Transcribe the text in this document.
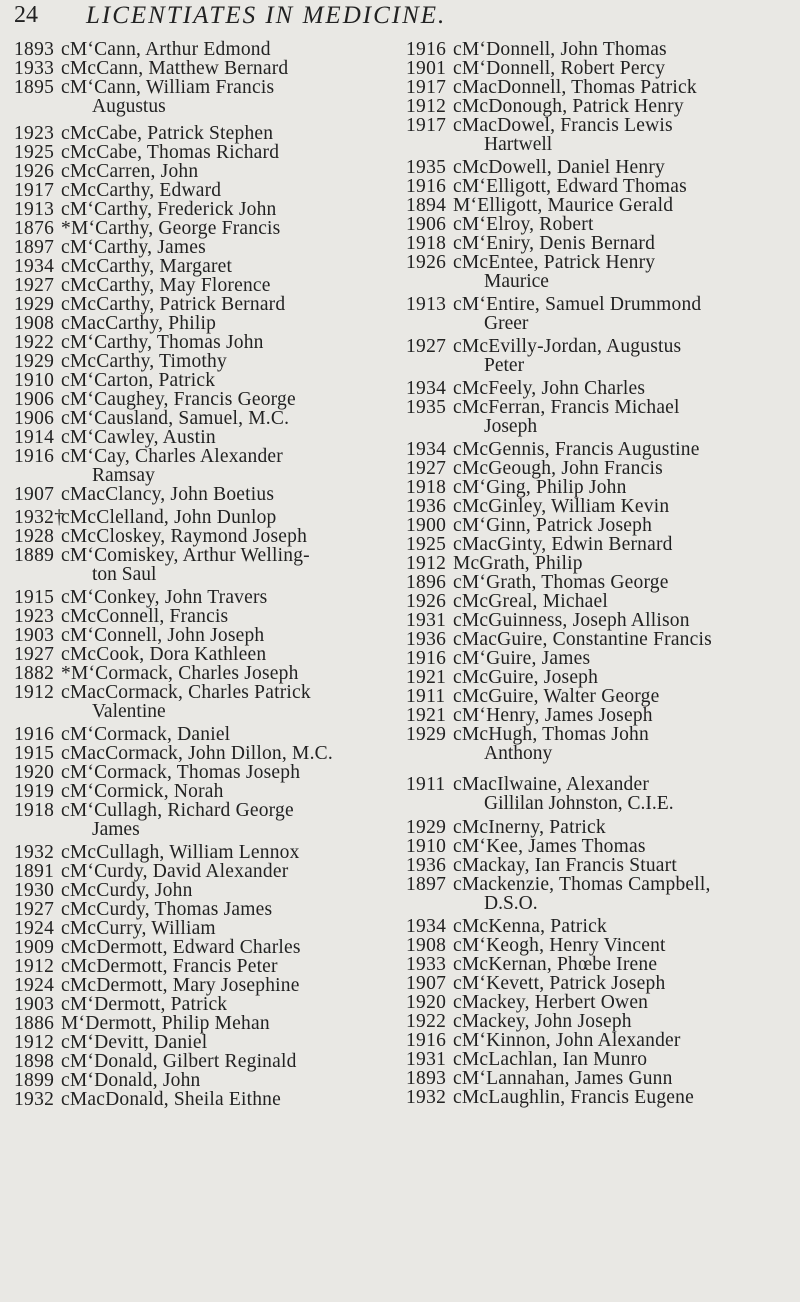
24 LICENTIATES IN MEDICINE.
1893 cM‘Cann, Arthur Edmond
1933 cMcCann, Matthew Bernard
1895 cM‘Cann, William Francis
Augustus
1923 cMcCabe, Patrick Stephen
1925 cMcCabe, Thomas Richard
1926 cMcCarren, John
1917 cMcCarthy, Edward
1913 cM‘Carthy, Frederick John
1876 *M‘Carthy, George Francis
1897 cM‘Carthy, James
1934 cMcCarthy, Margaret
1927 cMcCarthy, May Florence
1929 cMcCarthy, Patrick Bernard
1908 cMacCarthy, Philip
1922 cM‘Carthy, Thomas John
1929 cMcCarthy, Timothy
1910 cM‘Carton, Patrick
1906 cM‘Caughey, Francis George
1906 cM‘Causland, Samuel, M.C.
1914 cM‘Cawley, Austin
1916 cM‘Cay, Charles Alexander
Ramsay
1907 cMacClancy, John Boetius
1932†
cMcClelland, John Dunlop
1928 cMcCloskey, Raymond Joseph
1889 cM‘Comiskey, Arthur Welling-
ton Saul
1915 cM‘Conkey, John Travers
1923 cMcConnell, Francis
1903 cM‘Connell, John Joseph
1927 cMcCook, Dora Kathleen
1882 *M‘Cormack, Charles Joseph
1912 cMacCormack, Charles Patrick
Valentine
1916 cM‘Cormack, Daniel
1915 cMacCormack, John Dillon, M.C.
1920 cM‘Cormack, Thomas Joseph
1919 cM‘Cormick, Norah
1918 cM‘Cullagh, Richard George
James
1932 cMcCullagh, William Lennox
1891 cM‘Curdy, David Alexander
1930 cMcCurdy, John
1927 cMcCurdy, Thomas James
1924 cMcCurry, William
1909 cMcDermott, Edward Charles
1912 cMcDermott, Francis Peter
1924 cMcDermott, Mary Josephine
1903 cM‘Dermott, Patrick
1886 M‘Dermott, Philip Mehan
1912 cM‘Devitt, Daniel
1898 cM‘Donald, Gilbert Reginald
1899 cM‘Donald, John
1932 cMacDonald, Sheila Eithne
1916 cM‘Donnell, John Thomas
1901 cM‘Donnell, Robert Percy
1917 cMacDonnell, Thomas Patrick
1912 cMcDonough, Patrick Henry
1917 cMacDowel, Francis Lewis
Hartwell
1935 cMcDowell, Daniel Henry
1916 cM‘Elligott, Edward Thomas
1894 M‘Elligott, Maurice Gerald
1906 cM‘Elroy, Robert
1918 cM‘Eniry, Denis Bernard
1926 cMcEntee, Patrick Henry
Maurice
1913 cM‘Entire, Samuel Drummond
Greer
1927 cMcEvilly-Jordan, Augustus
Peter
1934 cMcFeely, John Charles
1935 cMcFerran, Francis Michael
Joseph
1934 cMcGennis, Francis Augustine
1927 cMcGeough, John Francis
1918 cM‘Ging, Philip John
1936 cMcGinley, William Kevin
1900 cM‘Ginn, Patrick Joseph
1925 cMacGinty, Edwin Bernard
1912 McGrath, Philip
1896 cM‘Grath, Thomas George
1926 cMcGreal, Michael
1931 cMcGuinness, Joseph Allison
1936 cMacGuire, Constantine Francis
1916 cM‘Guire, James
1921 cMcGuire, Joseph
1911 cMcGuire, Walter George
1921 cM‘Henry, James Joseph
1929 cMcHugh, Thomas John
Anthony
1911 cMacIlwaine, Alexander
Gillilan Johnston, C.I.E.
1929 cMcInerny, Patrick
1910 cM‘Kee, James Thomas
1936 cMackay, Ian Francis Stuart
1897 cMackenzie, Thomas Campbell,
D.S.O.
1934 cMcKenna, Patrick
1908 cM‘Keogh, Henry Vincent
1933 cMcKernan, Phœbe Irene
1907 cM‘Kevett, Patrick Joseph
1920 cMackey, Herbert Owen
1922 cMackey, John Joseph
1916 cM‘Kinnon, John Alexander
1931 cMcLachlan, Ian Munro
1893 cM‘Lannahan, James Gunn
1932 cMcLaughlin, Francis Eugene
